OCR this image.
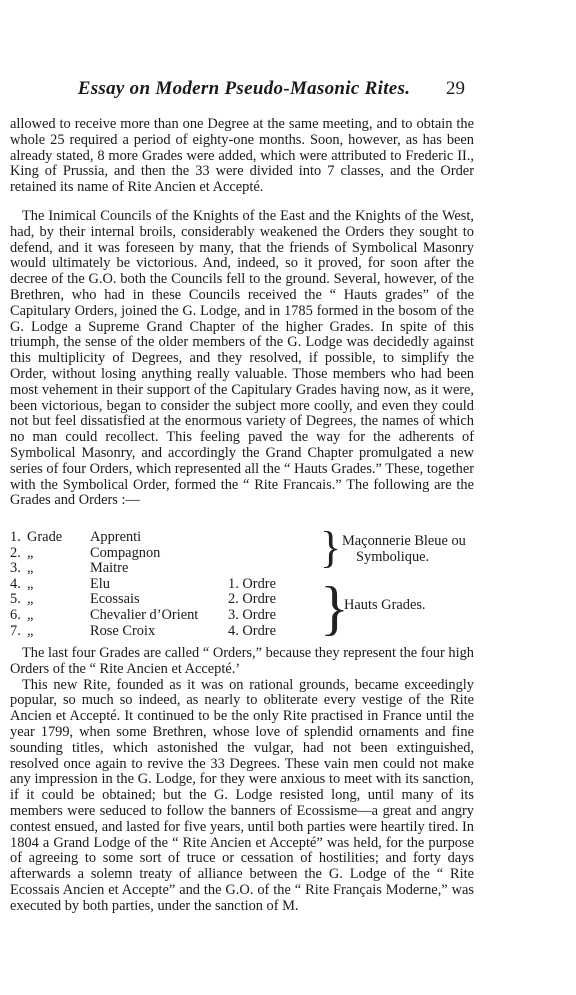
Essay on Modern Pseudo-Masonic Rites.	29

allowed to receive more than one Degree at the same meeting, and to obtain the whole 25 required a period of eighty-one months. Soon, however, as has been already stated, 8 more Grades were added, which were attributed to Frederic II., King of Prussia, and then the 33 were divided into 7 classes, and the Order retained its name of Rite Ancien et Accepté.

The Inimical Councils of the Knights of the East and the Knights of the West, had, by their internal broils, considerably weakened the Orders they sought to defend, and it was foreseen by many, that the friends of Symbolical Masonry would ultimately be victorious. And, indeed, so it proved, for soon after the decree of the G.O. both the Councils fell to the ground. Several, however, of the Brethren, who had in these Councils received the “ Hauts grades” of the Capitulary Orders, joined the G. Lodge, and in 1785 formed in the bosom of the G. Lodge a Supreme Grand Chapter of the higher Grades. In spite of this triumph, the sense of the older members of the G. Lodge was decidedly against this multiplicity of Degrees, and they resolved, if possible, to simplify the Order, without losing anything really valuable. Those members who had been most vehement in their support of the Capitulary Grades having now, as it were, been victorious, began to consider the subject more coolly, and even they could not but feel dissatisfied at the enormous variety of Degrees, the names of which no man could recollect. This feeling paved the way for the adherents of Symbolical Masonry, and accordingly the Grand Chapter promulgated a new series of four Orders, which represented all the “ Hauts Grades.” These, together with the Symbolical Order, formed the “ Rite Francais.” The following are the Grades and Orders :—

1. Grade Apprenti
2. „	Compagnon
3. „	Maitre
4. „	Elu	1. Ordre
5. „	Ecossais	2. Ordre
6. „	Chevalier d’Orient 3. Ordre
7. „	Rose Croix	4. Ordre
} Maçonnerie Bleue ou
Symbolique.
}
Hauts Grades.

The last four Grades are called “ Orders,” because they represent the four high Orders of the “ Rite Ancien et Accepté.’

This new Rite, founded as it was on rational grounds, became exceedingly popular, so much so indeed, as nearly to obliterate every vestige of the Rite Ancien et Accepté. It continued to be the only Rite practised in France until the year 1799, when some Brethren, whose love of splendid ornaments and fine sounding titles, which astonished the vulgar, had not been extinguished, resolved once again to revive the 33 Degrees. These vain men could not make any impression in the G. Lodge, for they were anxious to meet with its sanction, if it could be obtained; but the G. Lodge resisted long, until many of its members were seduced to follow the banners of Ecossisme—a great and angry contest ensued, and lasted for five years, until both parties were heartily tired. In 1804 a Grand Lodge of the “ Rite Ancien et Accepté” was held, for the purpose of agreeing to some sort of truce or cessation of hostilities; and forty days afterwards a solemn treaty of alliance between the G. Lodge of the “ Rite Ecossais Ancien et Accepte” and the G.O. of the “ Rite Français Moderne,” was executed by both parties, under the sanction of M.
